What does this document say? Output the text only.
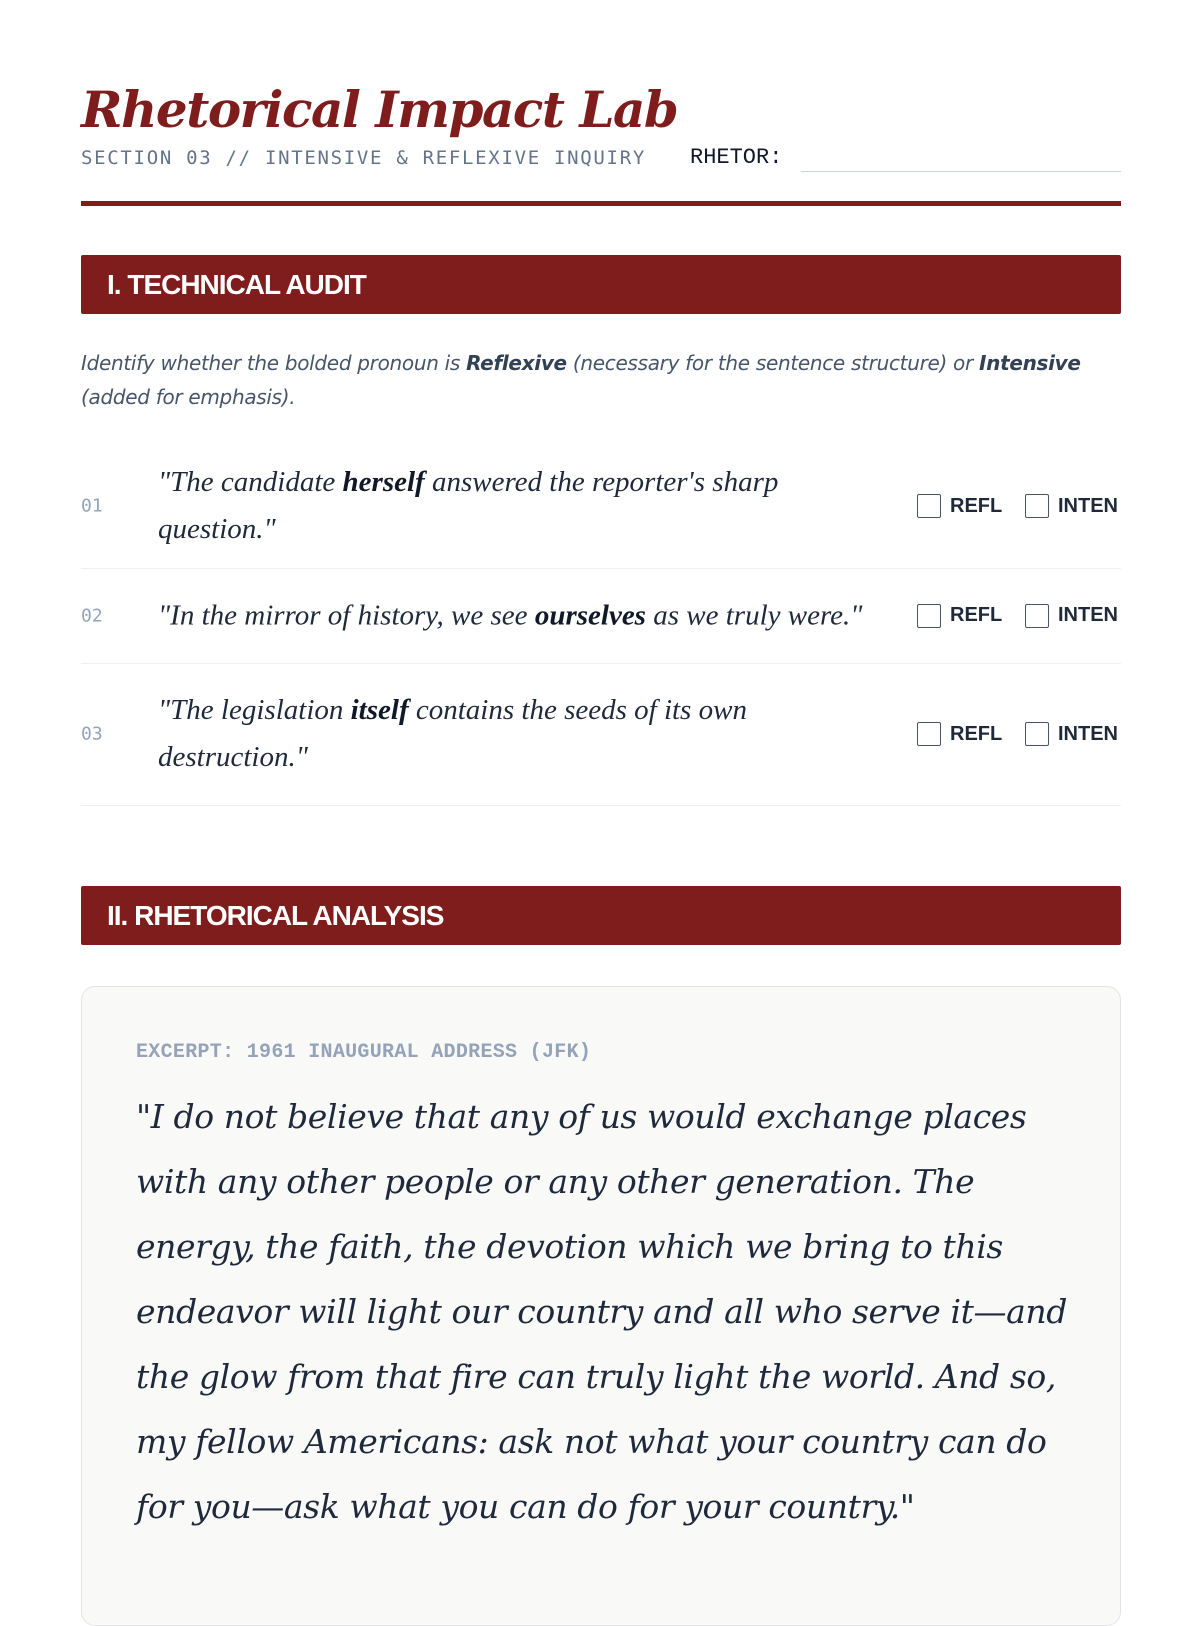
Rhetorical Impact Lab
SECTION 03 // INTENSIVE & REFLEXIVE INQUIRY RHETOR:
I. TECHNICAL AUDIT
Identify whether the bolded pronoun is Reflexive (necessary for the sentence structure) or Intensive (added for emphasis).
01
"The candidate herself answered the reporter's sharp question."
REFL	INTEN
02 "In the mirror of history, we see ourselves as we truly were."	REFL	INTEN
03
"The legislation itself contains the seeds of its own destruction."
REFL	INTEN
II. RHETORICAL ANALYSIS
EXCERPT: 1961 INAUGURAL ADDRESS (JFK)

"I do not believe that any of us would exchange places with any other people or any other generation. The energy, the faith, the devotion which we bring to this endeavor will light our country and all who serve it—and the glow from that fire can truly light the world. And so, my fellow Americans: ask not what your country can do for you—ask what you can do for your country."
